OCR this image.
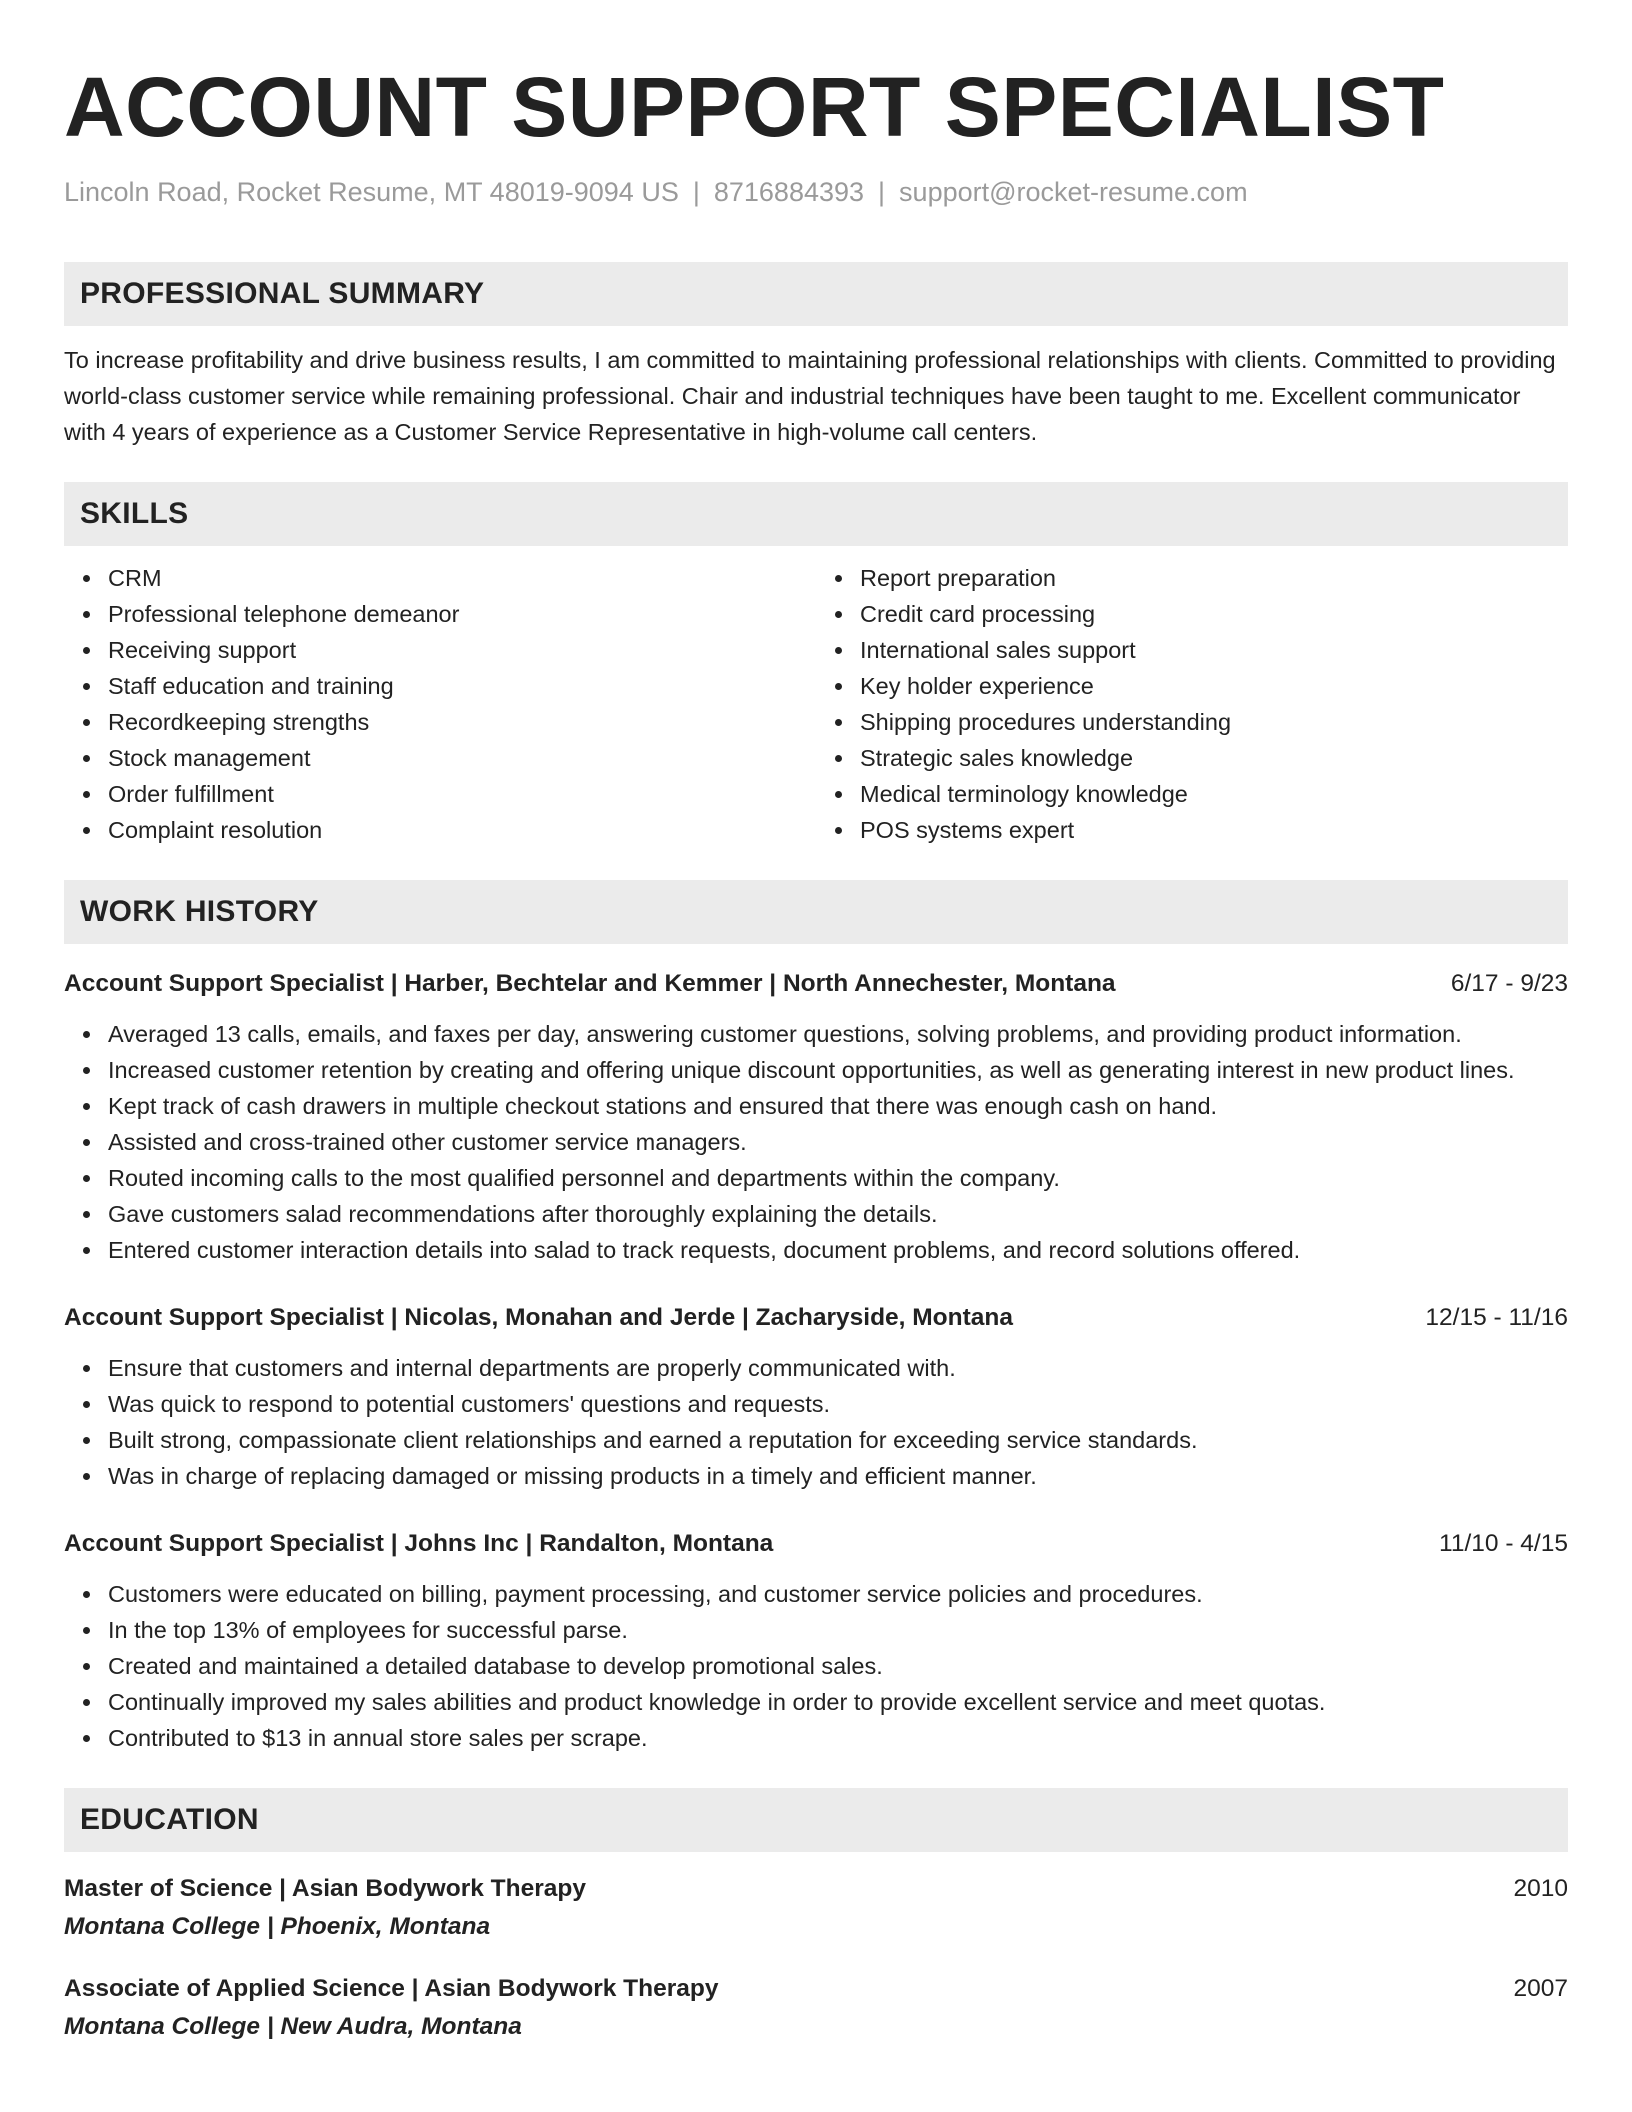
ACCOUNT SUPPORT SPECIALIST
Lincoln Road, Rocket Resume, MT 48019-9094 US | 8716884393 | support@rocket-resume.com
PROFESSIONAL SUMMARY
To increase profitability and drive business results, I am committed to maintaining professional relationships with clients. Committed to providing world-class customer service while remaining professional. Chair and industrial techniques have been taught to me. Excellent communicator with 4 years of experience as a Customer Service Representative in high-volume call centers.
SKILLS
CRM
Professional telephone demeanor
Receiving support
Staff education and training
Recordkeeping strengths
Stock management
Order fulfillment
Complaint resolution
Report preparation
Credit card processing
International sales support
Key holder experience
Shipping procedures understanding
Strategic sales knowledge
Medical terminology knowledge
POS systems expert
WORK HISTORY
Account Support Specialist | Harber, Bechtelar and Kemmer | North Annechester, Montana	6/17 - 9/23
Averaged 13 calls, emails, and faxes per day, answering customer questions, solving problems, and providing product information.
Increased customer retention by creating and offering unique discount opportunities, as well as generating interest in new product lines.
Kept track of cash drawers in multiple checkout stations and ensured that there was enough cash on hand.
Assisted and cross-trained other customer service managers.
Routed incoming calls to the most qualified personnel and departments within the company.
Gave customers salad recommendations after thoroughly explaining the details.
Entered customer interaction details into salad to track requests, document problems, and record solutions offered.
Account Support Specialist | Nicolas, Monahan and Jerde | Zacharyside, Montana	12/15 - 11/16
Ensure that customers and internal departments are properly communicated with.
Was quick to respond to potential customers' questions and requests.
Built strong, compassionate client relationships and earned a reputation for exceeding service standards.
Was in charge of replacing damaged or missing products in a timely and efficient manner.
Account Support Specialist | Johns Inc | Randalton, Montana	11/10 - 4/15
Customers were educated on billing, payment processing, and customer service policies and procedures.
In the top 13% of employees for successful parse.
Created and maintained a detailed database to develop promotional sales.
Continually improved my sales abilities and product knowledge in order to provide excellent service and meet quotas.
Contributed to $13 in annual store sales per scrape.
EDUCATION
Master of Science | Asian Bodywork Therapy	2010
Montana College | Phoenix, Montana
Associate of Applied Science | Asian Bodywork Therapy	2007
Montana College | New Audra, Montana
